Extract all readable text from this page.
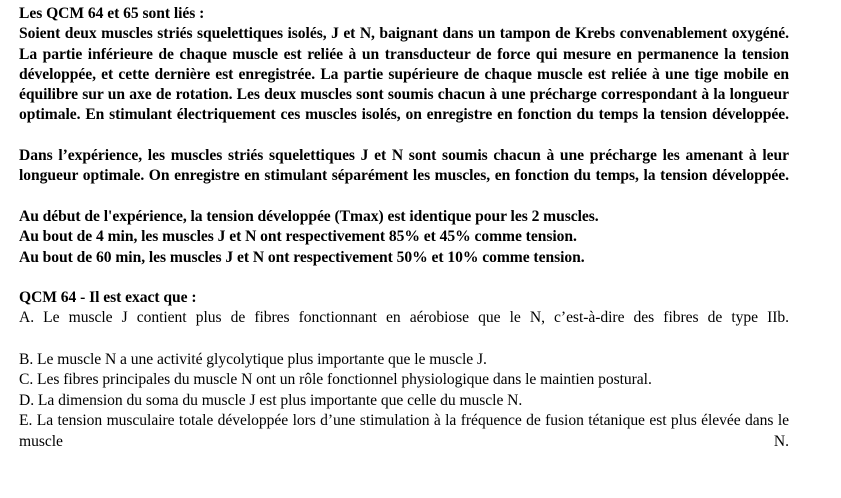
Les QCM 64 et 65 sont liés :

Soient deux muscles striés squelettiques isolés, J et N, baignant dans un tampon de Krebs convenablement oxygéné. La partie inférieure de chaque muscle est reliée à un transducteur de force qui mesure en permanence la tension développée, et cette dernière est enregistrée. La partie supérieure de chaque muscle est reliée à une tige mobile en équilibre sur un axe de rotation. Les deux muscles sont soumis chacun à une précharge correspondant à la longueur optimale. En stimulant électriquement ces muscles isolés, on enregistre en fonction du temps la tension développée.

Dans l’expérience, les muscles striés squelettiques J et N sont soumis chacun à une précharge les amenant à leur longueur optimale. On enregistre en stimulant séparément les muscles, en fonction du temps, la tension développée.

Au début de l'expérience, la tension développée (Tmax) est identique pour les 2 muscles.

Au bout de 4 min, les muscles J et N ont respectivement 85% et 45% comme tension.

Au bout de 60 min, les muscles J et N ont respectivement 50% et 10% comme tension.

QCM 64 - Il est exact que :

A. Le muscle J contient plus de fibres fonctionnant en aérobiose que le N, c’est-à-dire des fibres de type IIb.

B. Le muscle N a une activité glycolytique plus importante que le muscle J.

C. Les fibres principales du muscle N ont un rôle fonctionnel physiologique dans le maintien postural.

D. La dimension du soma du muscle J est plus importante que celle du muscle N.

E. La tension musculaire totale développée lors d’une stimulation à la fréquence de fusion tétanique est plus élevée dans le muscle N.
